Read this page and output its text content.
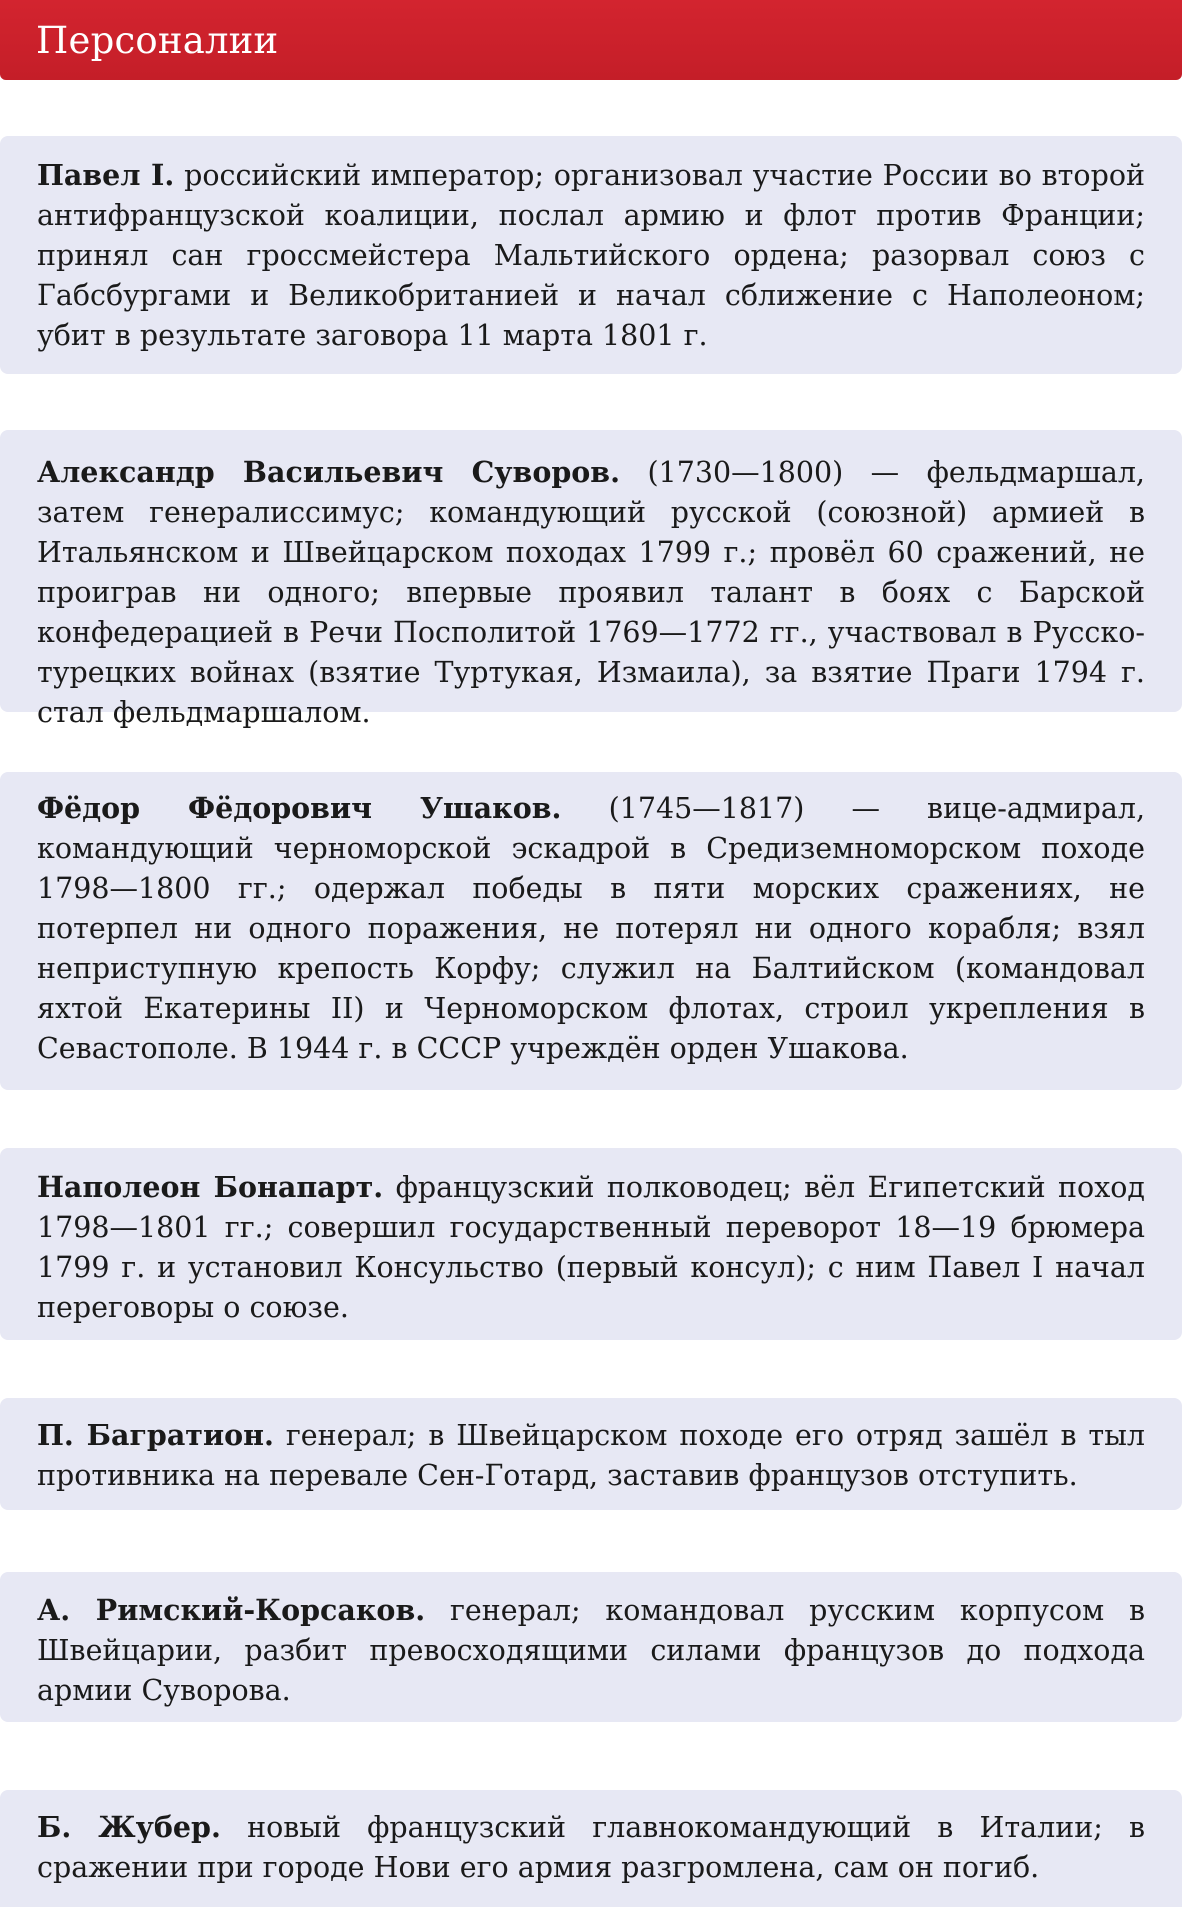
Персоналии

Павел I. российский император; организовал участие России во второй антифранцузской коалиции, послал армию и флот против Франции; принял сан гроссмейстера Мальтийского ордена; разорвал союз с Габсбургами и Великобританией и начал сближение с Наполеоном; убит в результате заговора 11 марта 1801 г.

Александр Васильевич Суворов. (1730—1800) — фельдмаршал, затем генералиссимус; командующий русской (союзной) армией в Итальянском и Швейцарском походах 1799 г.; провёл 60 сражений, не проиграв ни одного; впервые проявил талант в боях с Барской конфедерацией в Речи Посполитой 1769—1772 гг., участвовал в Русско-турецких войнах (взятие Туртукая, Измаила), за взятие Праги 1794 г. стал фельдмаршалом.

Фёдор Фёдорович Ушаков. (1745—1817) — вице-адмирал, командующий черноморской эскадрой в Средиземноморском походе 1798—1800 гг.; одержал победы в пяти морских сражениях, не потерпел ни одного поражения, не потерял ни одного корабля; взял неприступную крепость Корфу; служил на Балтийском (командовал яхтой Екатерины II) и Черноморском флотах, строил укрепления в Севастополе. В 1944 г. в СССР учреждён орден Ушакова.

Наполеон Бонапарт. французский полководец; вёл Египетский поход 1798—1801 гг.; совершил государственный переворот 18—19 брюмера 1799 г. и установил Консульство (первый консул); с ним Павел I начал переговоры о союзе.

П. Багратион. генерал; в Швейцарском походе его отряд зашёл в тыл противника на перевале Сен-Готард, заставив французов отступить.

А. Римский-Корсаков. генерал; командовал русским корпусом в Швейцарии, разбит превосходящими силами французов до подхода армии Суворова.

Б. Жубер. новый французский главнокомандующий в Италии; в сражении при городе Нови его армия разгромлена, сам он погиб.
